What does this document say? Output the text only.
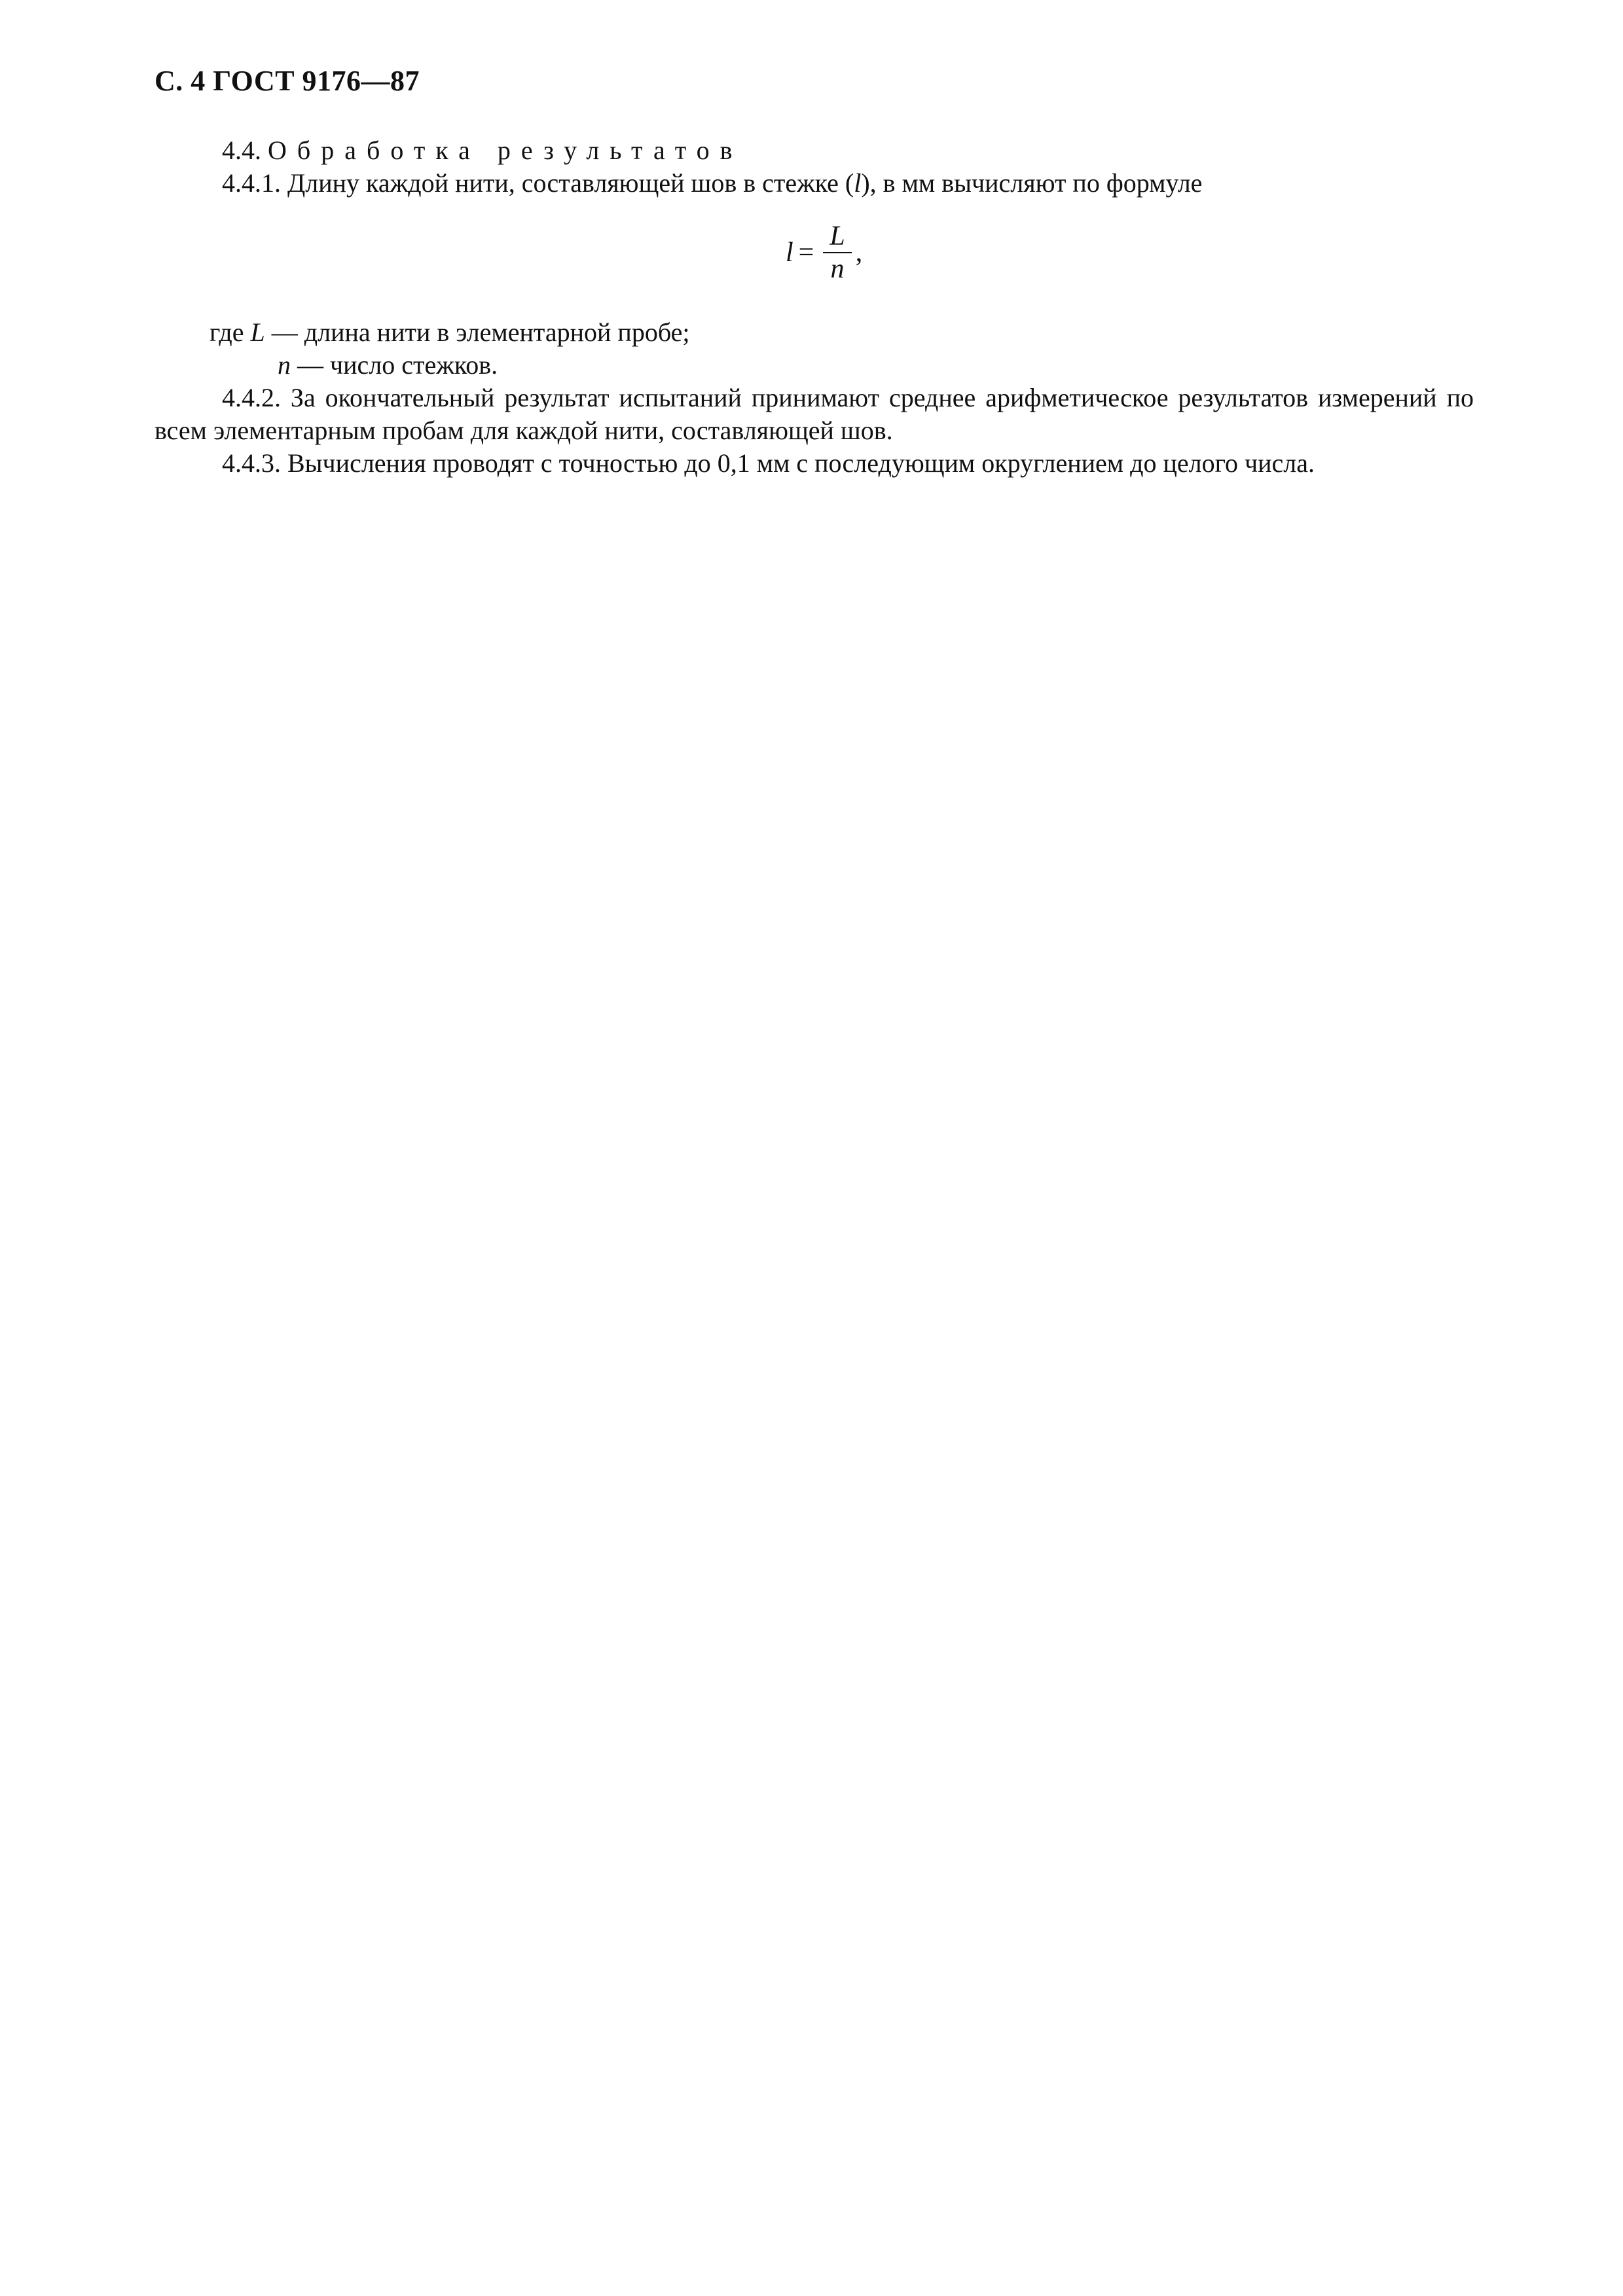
С. 4 ГОСТ 9176—87

4.4. Обработка результатов

4.4.1. Длину каждой нити, составляющей шов в стежке (l), в мм вычисляют по формуле

$l = \frac{L}{n}$ ,

где L — длина нити в элементарной пробе;

n — число стежков.

4.4.2. За окончательный результат испытаний принимают среднее арифметическое результатов измерений по всем элементарным пробам для каждой нити, составляющей шов.

4.4.3. Вычисления проводят с точностью до 0,1 мм с последующим округлением до целого числа.
